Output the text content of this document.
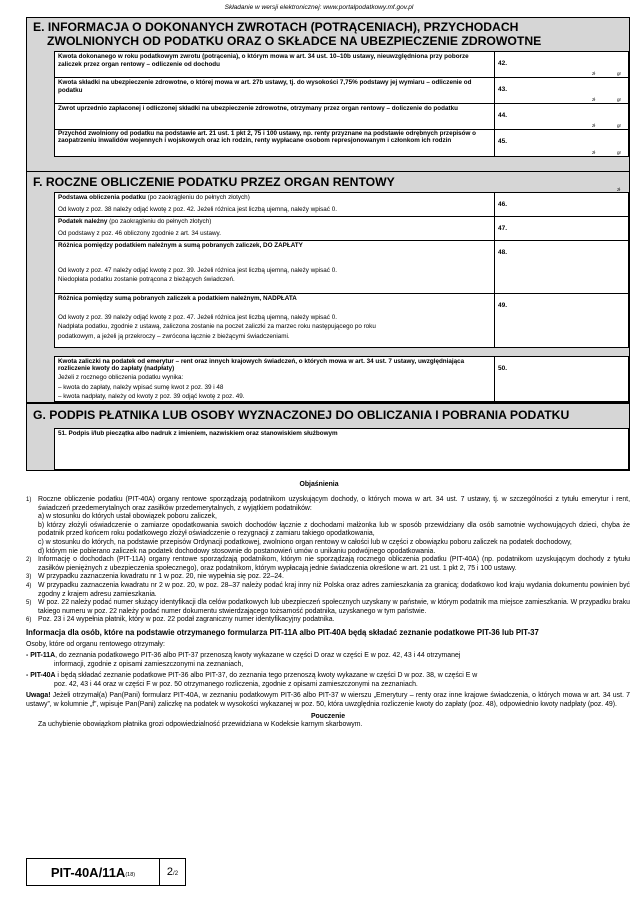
Składanie w wersji elektronicznej: www.portalpodatkowy.mf.gov.pl
E. INFORMACJA O DOKONANYCH ZWROTACH (POTRĄCENIACH), PRZYCHODACH
ZWOLNIONYCH OD PODATKU ORAZ O SKŁADCE NA UBEZPIECZENIE ZDROWOTNE
Kwota dokonanego w roku podatkowym zwrotu (potrącenia), o którym mowa w art. 34 ust. 10–10b ustawy, nieuwzględniona przy poborze zaliczek przez organ rentowy – odliczenie od dochodu	42.
zł	gr
Kwota składki na ubezpieczenie zdrowotne, o której mowa w art. 27b ustawy, tj. do wysokości 7,75% podstawy jej wymiaru – odliczenie od podatku	43.
zł	gr
Zwrot uprzednio zapłaconej i odliczonej składki na ubezpieczenie zdrowotne, otrzymany przez organ rentowy – doliczenie do podatku
44.
zł	gr
Przychód zwolniony od podatku na podstawie art. 21 ust. 1 pkt 2, 75 i 100 ustawy, np. renty przyznane na podstawie odrębnych przepisów o zaopatrzeniu inwalidów wojennych i wojskowych oraz ich rodzin, renty wypłacane osobom represjonowanym i członkom ich rodzin	45.
zł	gr
F. ROCZNE OBLICZENIE PODATKU PRZEZ ORGAN RENTOWY
zł
Podstawa obliczenia podatku (po zaokrągleniu do pełnych złotych)
Od kwoty z poz. 38 należy odjąć kwotę z poz. 42. Jeżeli różnica jest liczbą ujemną, należy wpisać 0.
46.
Podatek należny (po zaokrągleniu do pełnych złotych)
Od podstawy z poz. 46 obliczony zgodnie z art. 34 ustawy.
47.
Różnica pomiędzy podatkiem należnym a sumą pobranych zaliczek, DO ZAPŁATY
Od kwoty z poz. 47 należy odjąć kwotę z poz. 39. Jeżeli różnica jest liczbą ujemną, należy wpisać 0.
Niedopłata podatku zostanie potrącona z bieżących świadczeń.
48.
Różnica pomiędzy sumą pobranych zaliczek a podatkiem należnym, NADPŁATA
Od kwoty z poz. 39 należy odjąć kwotę z poz. 47. Jeżeli różnica jest liczbą ujemną, należy wpisać 0.
Nadpłata podatku, zgodnie z ustawą, zaliczona zostanie na poczet zaliczki za marzec roku następującego po roku
podatkowym, a jeżeli ją przekroczy – zwrócona łącznie z bieżącymi świadczeniami.
49.
Kwota zaliczki na podatek od emerytur – rent oraz innych krajowych świadczeń, o których mowa w art. 34 ust. 7 ustawy, uwzględniająca rozliczenie kwoty do zapłaty (nadpłaty)
Jeżeli z rocznego obliczenia podatku wynika:
– kwota do zapłaty, należy wpisać sumę kwot z poz. 39 i 48
– kwota nadpłaty, należy od kwoty z poz. 39 odjąć kwotę z poz. 49.
50.
G. PODPIS PŁATNIKA LUB OSOBY WYZNACZONEJ DO OBLICZANIA I POBRANIA PODATKU
51. Podpis i/lub pieczątka albo nadruk z imieniem, nazwiskiem oraz stanowiskiem służbowym
Objaśnienia
1) Roczne obliczenie podatku (PIT-40A) organy rentowe sporządzają podatnikom uzyskującym dochody, o których mowa w art. 34 ust. 7 ustawy, tj. w szczególności z tytułu emerytur i rent, świadczeń przedemerytalnych oraz zasiłków przedemerytalnych, z wyjątkiem podatników:
a) w stosunku do których ustał obowiązek poboru zaliczek,
b) którzy złożyli oświadczenie o zamiarze opodatkowania swoich dochodów łącznie z dochodami małżonka lub w sposób przewidziany dla osób samotnie wychowujących dzieci, chyba że podatnik przed końcem roku podatkowego złożył oświadczenie o rezygnacji z zamiaru takiego opodatkowania,
c) w stosunku do których, na podstawie przepisów Ordynacji podatkowej, zwolniono organ rentowy w całości lub w części z obowiązku poboru zaliczek na podatek dochodowy,
d) którym nie pobierano zaliczek na podatek dochodowy stosownie do postanowień umów o unikaniu podwójnego opodatkowania.
2) Informację o dochodach (PIT-11A) organy rentowe sporządzają podatnikom, którym nie sporządzają rocznego obliczenia podatku (PIT-40A) (np. podatnikom uzyskującym dochody z tytułu zasiłków pieniężnych z ubezpieczenia społecznego), oraz podatnikom, którym wypłacają jednie świadczenia określone w art. 21 ust. 1 pkt 2, 75 i 100 ustawy.
3) W przypadku zaznaczenia kwadratu nr 1 w poz. 20, nie wypełnia się poz. 22–24.
4) W przypadku zaznaczenia kwadratu nr 2 w poz. 20, w poz. 28–37 należy podać kraj inny niż Polska oraz adres zamieszkania za granicą; dodatkowo kod kraju wydania dokumentu powinien być zgodny z krajem adresu zamieszkania.
5) W poz. 22 należy podać numer służący identyfikacji dla celów podatkowych lub ubezpieczeń społecznych uzyskany w państwie, w którym podatnik ma miejsce zamieszkania. W przypadku braku takiego numeru w poz. 22 należy podać numer dokumentu stwierdzającego tożsamość podatnika, uzyskanego w tym państwie.
6) Poz. 23 i 24 wypełnia płatnik, który w poz. 22 podał zagraniczny numer identyfikacyjny podatnika.
Informacja dla osób, które na podstawie otrzymanego formularza PIT-11A albo PIT-40A będą składać zeznanie podatkowe PIT-36 lub PIT-37
Osoby, które od organu rentowego otrzymały:
- PIT-11A, do zeznania podatkowego PIT-36 albo PIT-37 przenoszą kwoty wykazane w części D oraz w części E w poz. 42, 43 i 44 otrzymanej
informacji, zgodnie z opisami zamieszczonymi na zeznaniach,
- PIT-40A i będą składać zeznanie podatkowe PIT-36 albo PIT-37, do zeznania tego przenoszą kwoty wykazane w części D w poz. 38, w części E w
poz. 42, 43 i 44 oraz w części F w poz. 50 otrzymanego rozliczenia, zgodnie z opisami zamieszczonymi na zeznaniach.
Uwaga! Jeżeli otrzymał(a) Pan(Pani) formularz PIT-40A, w zeznaniu podatkowym PIT-36 albo PIT-37 w wierszu „Emerytury – renty oraz inne krajowe świadczenia, o których mowa w art. 34 ust. 7 ustawy”, w kolumnie „f”, wpisuje Pan(Pani) zaliczkę na podatek w wysokości wykazanej w poz. 50, która uwzględnia rozliczenie kwoty do zapłaty (poz. 48), odpowiednio kwoty nadpłaty (poz. 49).
Pouczenie
Za uchybienie obowiązkom płatnika grozi odpowiedzialność przewidziana w Kodeksie karnym skarbowym.
PIT-40A/11A (18)	2 /2
